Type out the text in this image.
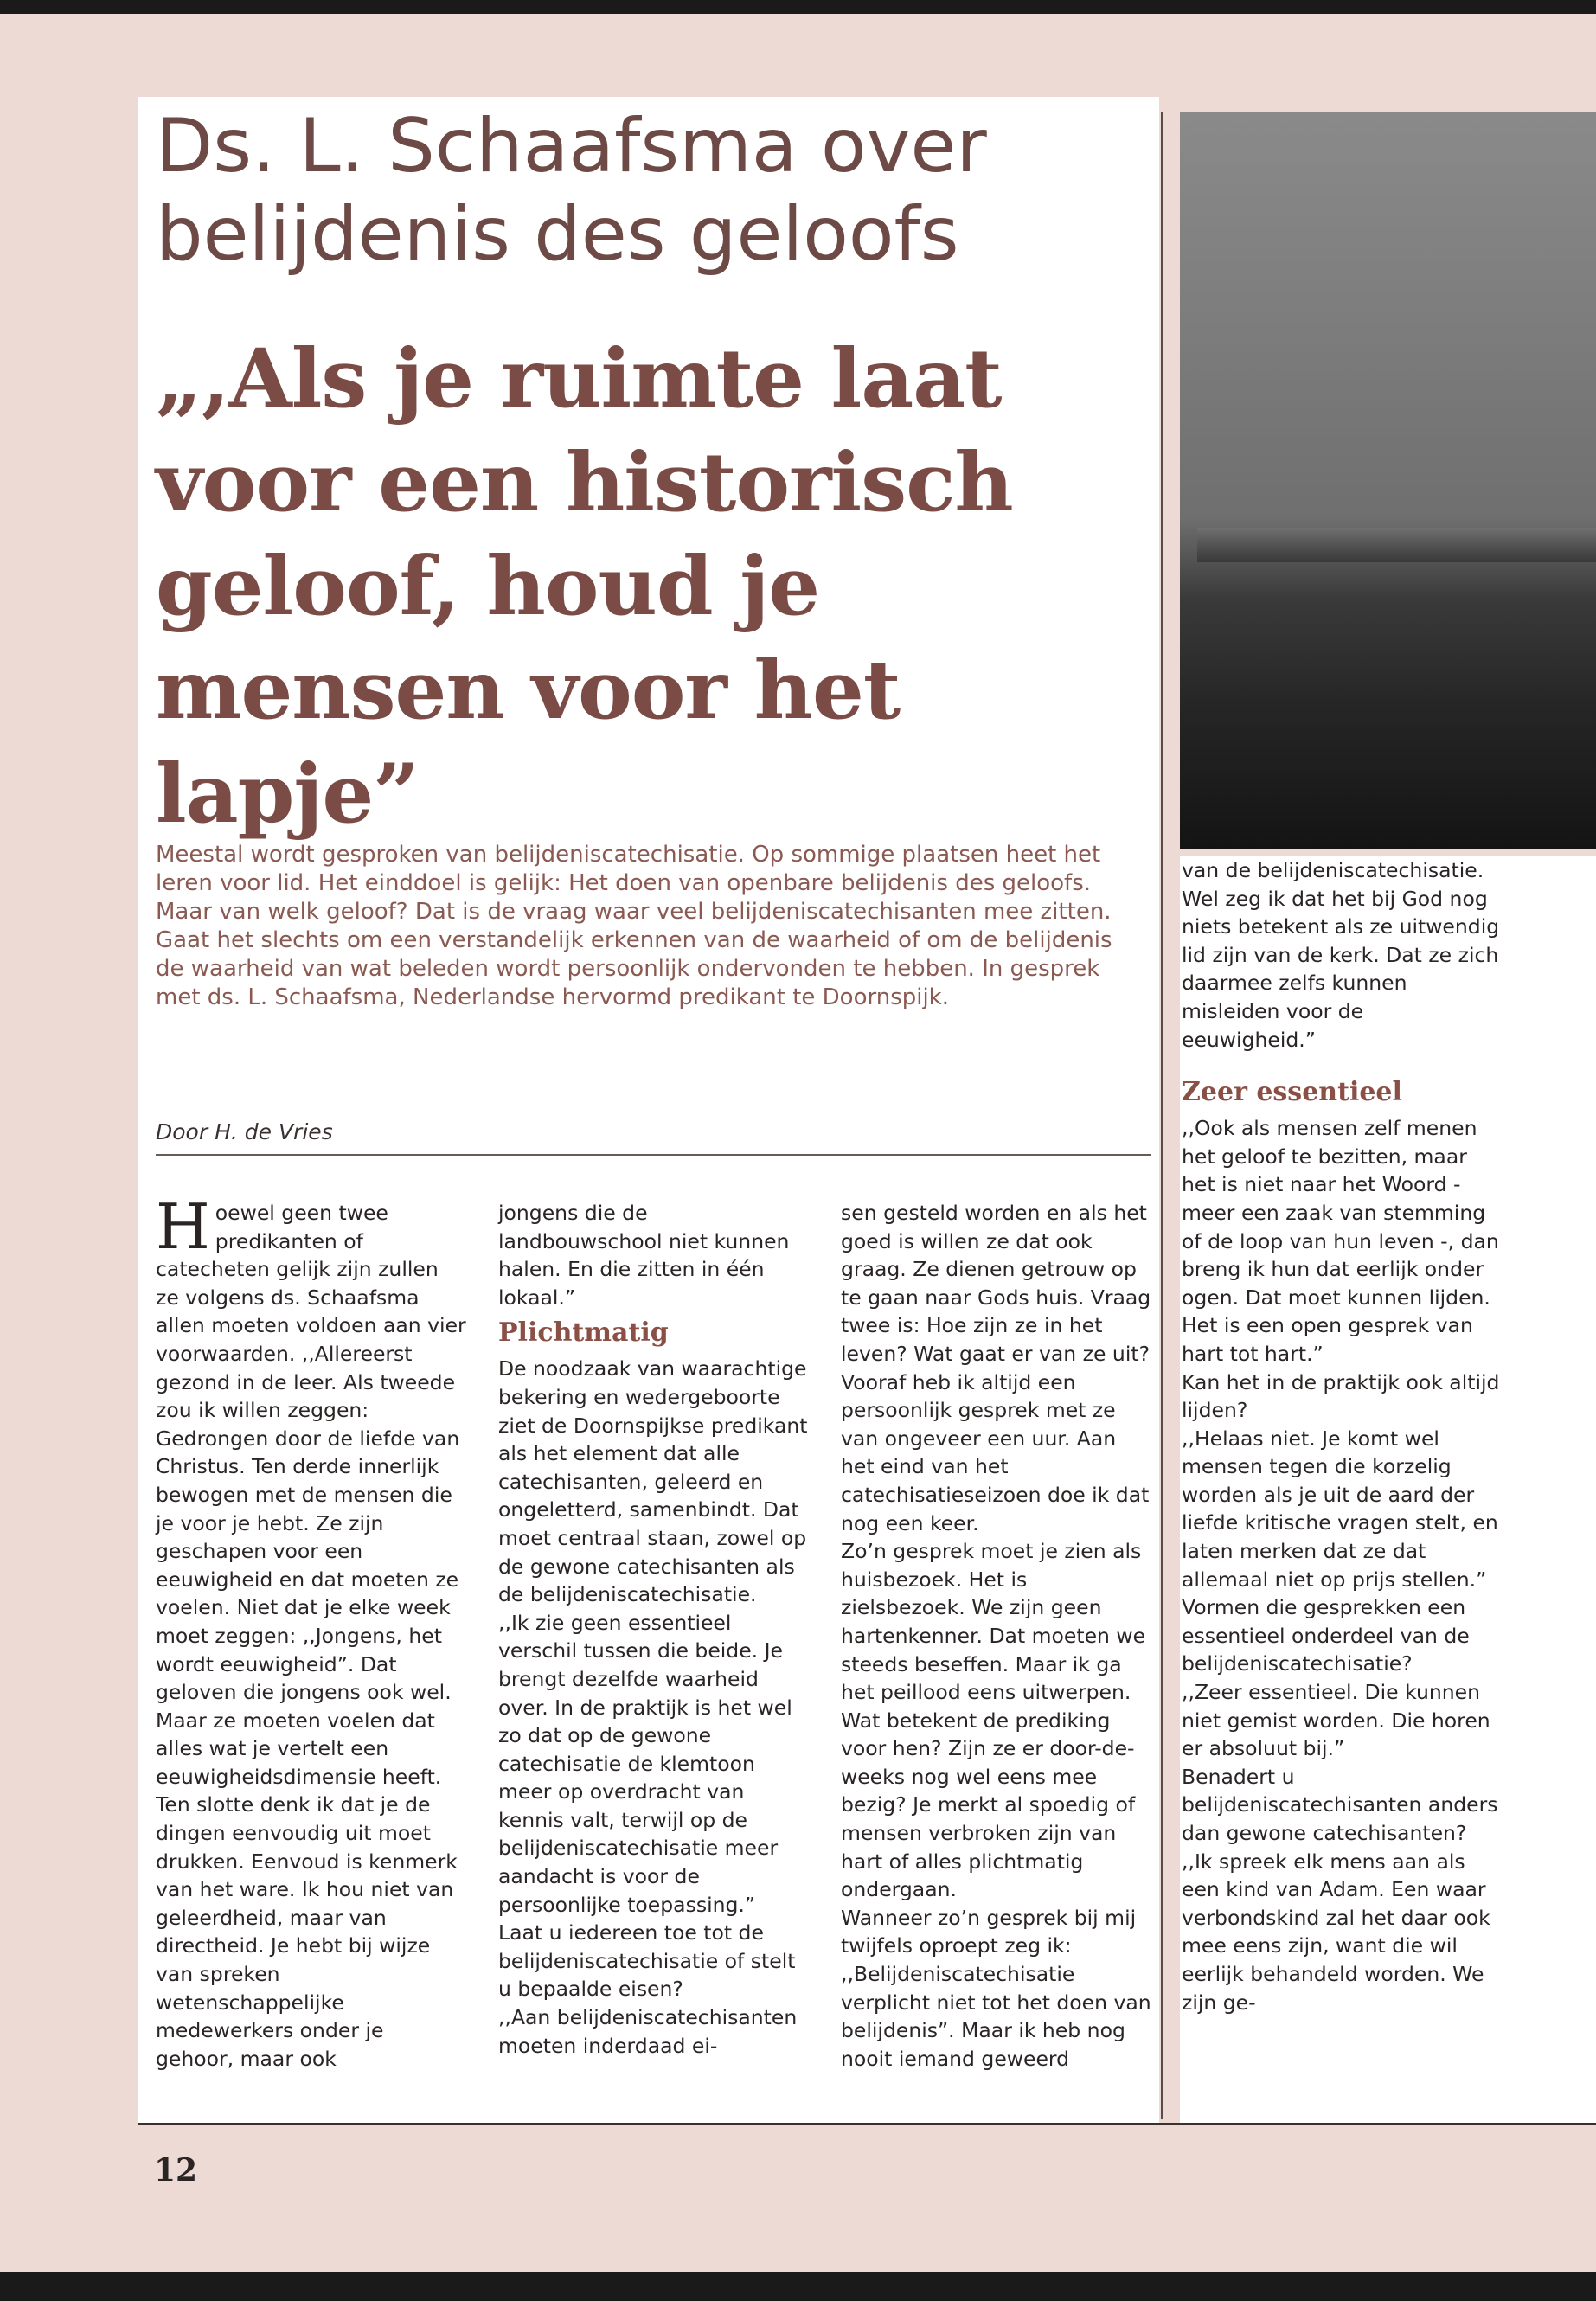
Ds. L. Schaafsma over belijdenis des geloofs
„,Als je ruimte laat voor een historisch geloof, houd je mensen voor het lapje”

Meestal wordt gesproken van belijdeniscatechisatie. Op sommige plaatsen heet het leren voor lid. Het einddoel is gelijk: Het doen van openbare belijdenis des geloofs. Maar van welk geloof? Dat is de vraag waar veel belijdeniscatechisanten mee zitten. Gaat het slechts om een verstandelijk erkennen van de waarheid of om de belijdenis de waarheid van wat beleden wordt persoonlijk ondervonden te hebben. In gesprek met ds. L. Schaafsma, Nederlandse hervormd predikant te Doornspijk.

Door H. de Vries
H oewel geen twee predikanten of catecheten gelijk zijn zullen ze volgens ds. Schaafsma allen moeten voldoen aan vier voorwaarden. ,,Allereerst gezond in de leer. Als tweede zou ik willen zeggen: Gedrongen door de liefde van Christus. Ten derde innerlijk bewogen met de mensen die je voor je hebt. Ze zijn geschapen voor een eeuwigheid en dat moeten ze voelen. Niet dat je elke week moet zeggen: ,,Jongens, het wordt eeuwigheid”. Dat geloven die jongens ook wel. Maar ze moeten voelen dat alles wat je vertelt een eeuwigheidsdimensie heeft.

Ten slotte denk ik dat je de dingen eenvoudig uit moet drukken. Eenvoud is kenmerk van het ware. Ik hou niet van geleerdheid, maar van directheid. Je hebt bij wijze van spreken wetenschappelijke medewerkers onder je gehoor, maar ook

jongens die de landbouwschool niet kunnen halen. En die zitten in één lokaal.”

Plichtmatig

De noodzaak van waarachtige bekering en wedergeboorte ziet de Doornspijkse predikant als het element dat alle catechisanten, geleerd en ongeletterd, samenbindt. Dat moet centraal staan, zowel op de gewone catechisanten als de belijdeniscatechisatie.

,,Ik zie geen essentieel verschil tussen die beide. Je brengt dezelfde waarheid over. In de praktijk is het wel zo dat op de gewone catechisatie de klemtoon meer op overdracht van kennis valt, terwijl op de belijdeniscatechisatie meer aandacht is voor de persoonlijke toepassing.”

Laat u iedereen toe tot de belijdeniscatechisatie of stelt u bepaalde eisen?

,,Aan belijdeniscatechisanten moeten inderdaad ei-

sen gesteld worden en als het goed is willen ze dat ook graag. Ze dienen getrouw op te gaan naar Gods huis. Vraag twee is: Hoe zijn ze in het leven? Wat gaat er van ze uit? Vooraf heb ik altijd een persoonlijk gesprek met ze van ongeveer een uur. Aan het eind van het catechisatieseizoen doe ik dat nog een keer.

Zo’n gesprek moet je zien als huisbezoek. Het is zielsbezoek. We zijn geen hartenkenner. Dat moeten we steeds beseffen. Maar ik ga het peillood eens uitwerpen. Wat betekent de prediking voor hen? Zijn ze er door-de-weeks nog wel eens mee bezig? Je merkt al spoedig of mensen verbroken zijn van hart of alles plichtmatig ondergaan.

Wanneer zo’n gesprek bij mij twijfels oproept zeg ik: ,,Belijdeniscatechisatie verplicht niet tot het doen van belijdenis”. Maar ik heb nog nooit iemand geweerd

van de belijdeniscatechisatie. Wel zeg ik dat het bij God nog niets betekent als ze uitwendig lid zijn van de kerk. Dat ze zich daarmee zelfs kunnen misleiden voor de eeuwigheid.”

Zeer essentieel

,,Ook als mensen zelf menen het geloof te bezitten, maar het is niet naar het Woord - meer een zaak van stemming of de loop van hun leven -, dan breng ik hun dat eerlijk onder ogen. Dat moet kunnen lijden. Het is een open gesprek van hart tot hart.”

Kan het in de praktijk ook altijd lijden?

,,Helaas niet. Je komt wel mensen tegen die korzelig worden als je uit de aard der liefde kritische vragen stelt, en laten merken dat ze dat allemaal niet op prijs stellen.”

Vormen die gesprekken een essentieel onderdeel van de belijdeniscatechisatie?

,,Zeer essentieel. Die kunnen niet gemist worden. Die horen er absoluut bij.”

Benadert u belijdeniscatechisanten anders dan gewone catechisanten?

,,Ik spreek elk mens aan als een kind van Adam. Een waar verbondskind zal het daar ook mee eens zijn, want die wil eerlijk behandeld worden. We zijn ge-

12
